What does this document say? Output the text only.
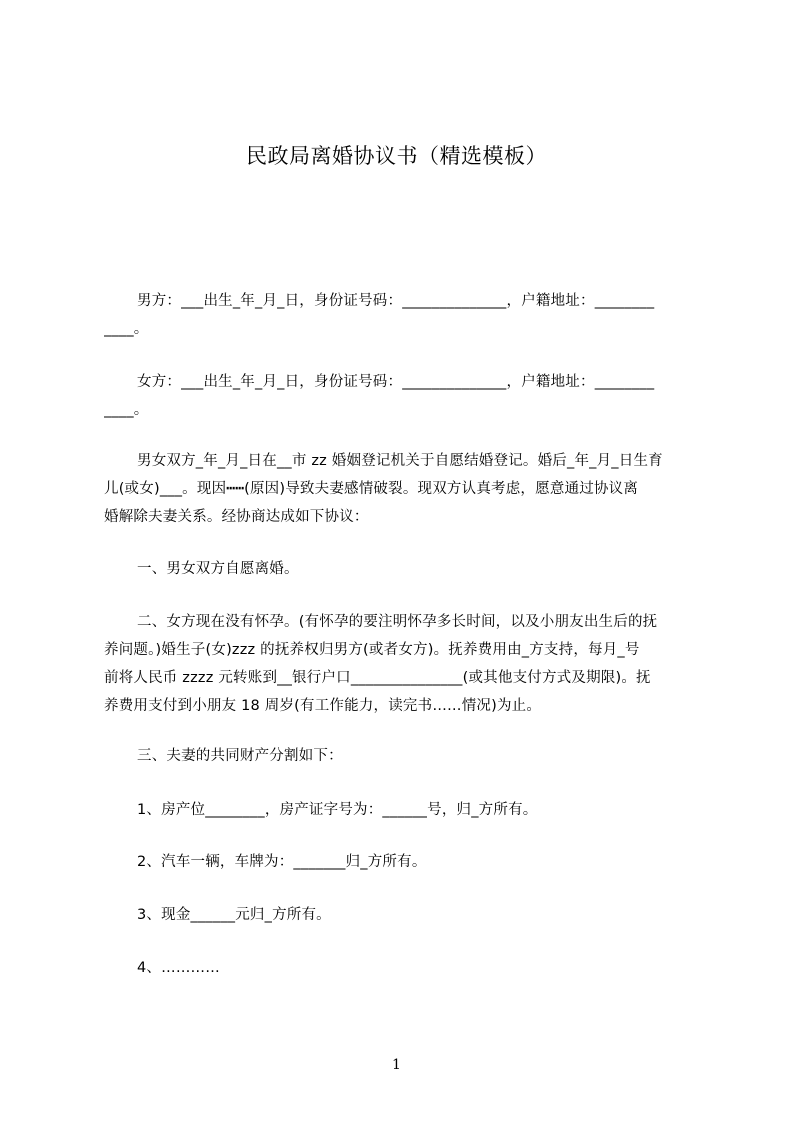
民政局离婚协议书（精选模板）
男方：___出生_年_月_日，身份证号码：______________，户籍地址：________
____。
女方：___出生_年_月_日，身份证号码：______________，户籍地址：________
____。
男女双方_年_月_日在__市 zz 婚姻登记机关于自愿结婚登记。婚后_年_月_日生育
儿(或女)___。现因┅┅(原因)导致夫妻感情破裂。现双方认真考虑，愿意通过协议离
婚解除夫妻关系。经协商达成如下协议：
一、男女双方自愿离婚。
二、女方现在没有怀孕。(有怀孕的要注明怀孕多长时间，以及小朋友出生后的抚
养问题。)婚生子(女)zzz 的抚养权归男方(或者女方)。抚养费用由_方支持，每月_号
前将人民币 zzzz 元转账到__银行户口_______________(或其他支付方式及期限)。抚
养费用支付到小朋友 18 周岁(有工作能力，读完书……情况)为止。
三、夫妻的共同财产分割如下：
1、房产位________，房产证字号为：______号，归_方所有。
2、汽车一辆，车牌为：_______归_方所有。
3、现金______元归_方所有。
4、…………
1
